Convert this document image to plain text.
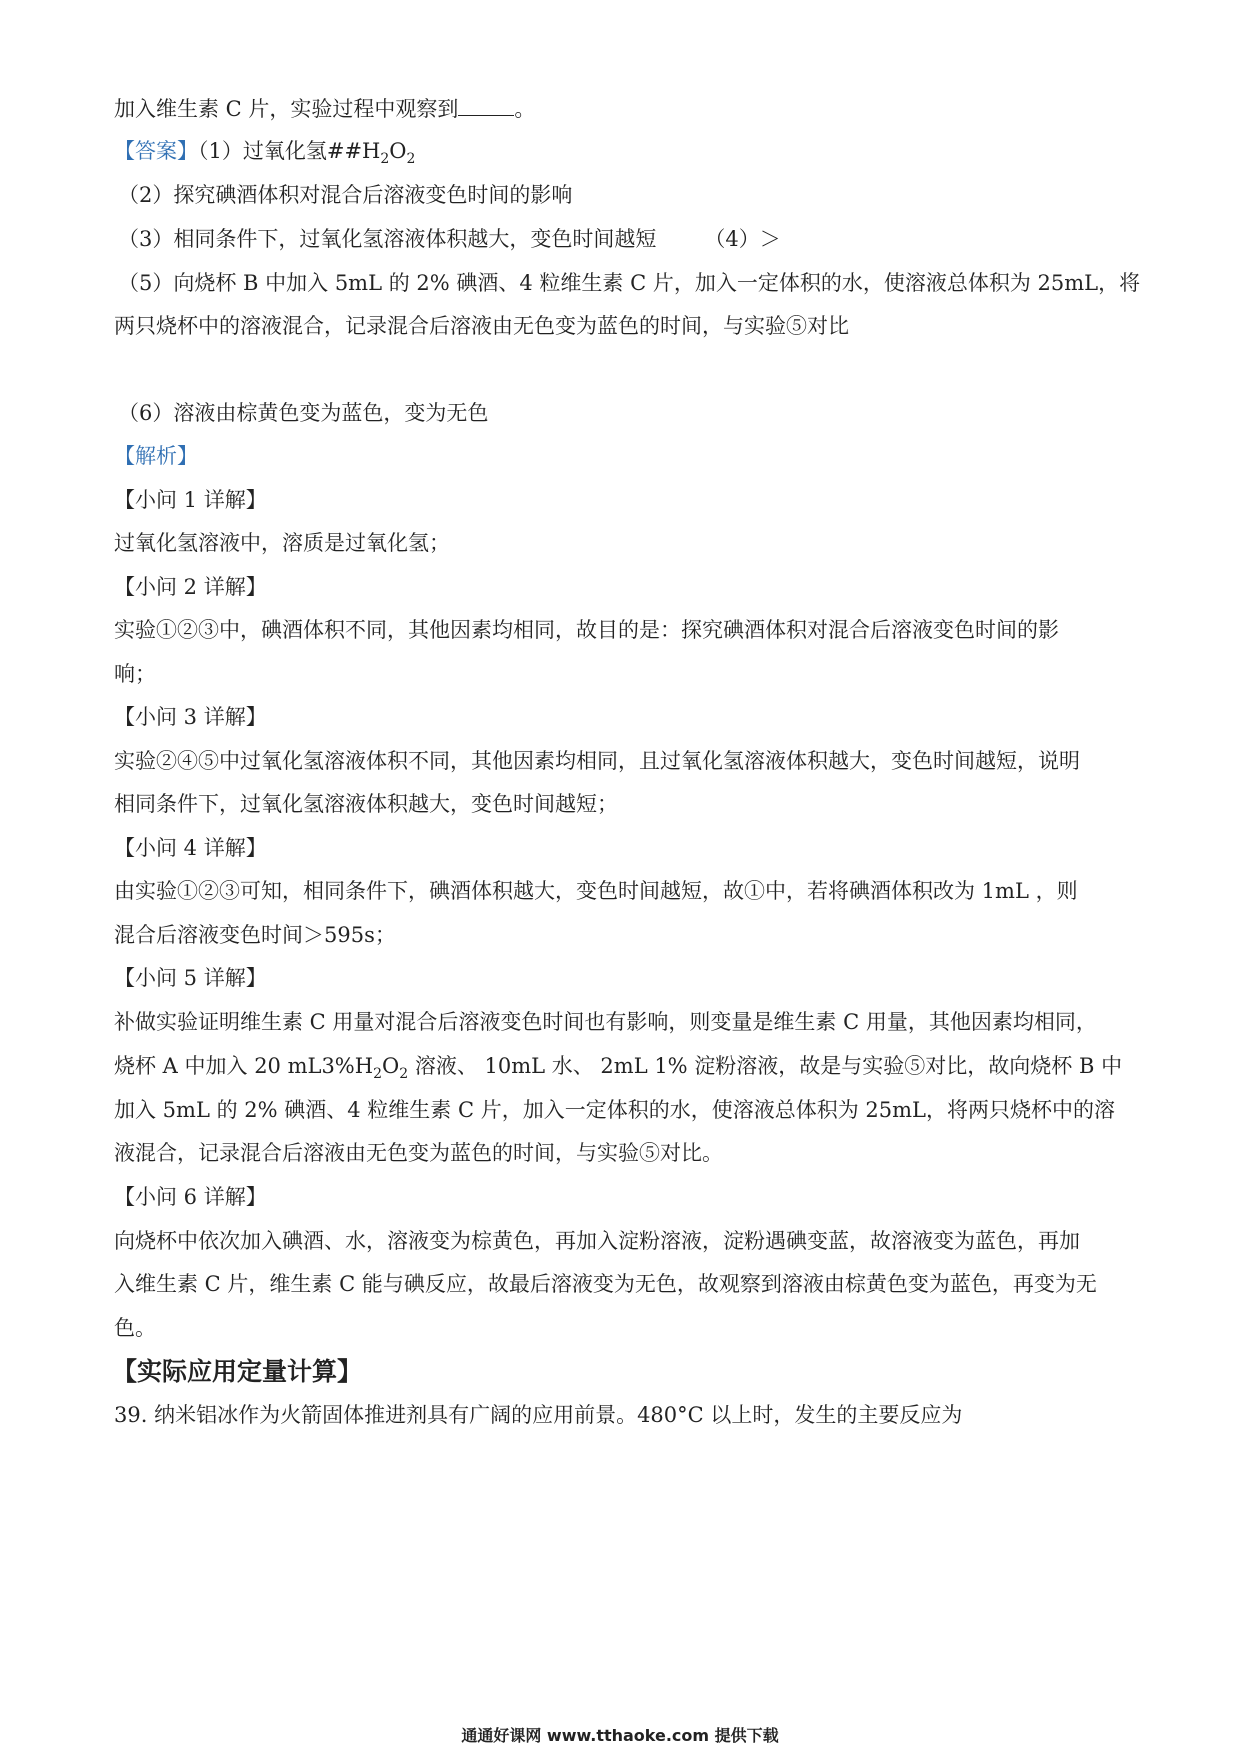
加入维生素 C 片，实验过程中观察到	。
【答案】（1）过氧化氢$\#\#H_2O_2$
（2）探究碘酒体积对混合后溶液变色时间的影响
（3）相同条件下，过氧化氢溶液体积越大，变色时间越短 （4）＞
（5）向烧杯 B 中加入 5mL 的 2% 碘酒、4 粒维生素 C 片，加入一定体积的水，使溶液总体积为 25mL，将
两只烧杯中的溶液混合，记录混合后溶液由无色变为蓝色的时间，与实验⑤对比
（6）溶液由棕黄色变为蓝色，变为无色
【解析】
【小问 1 详解】
过氧化氢溶液中，溶质是过氧化氢；
【小问 2 详解】
实验①②③中，碘酒体积不同，其他因素均相同，故目的是：探究碘酒体积对混合后溶液变色时间的影
响；
【小问 3 详解】
实验②④⑤中过氧化氢溶液体积不同，其他因素均相同，且过氧化氢溶液体积越大，变色时间越短，说明
相同条件下，过氧化氢溶液体积越大，变色时间越短；
【小问 4 详解】
由实验①②③可知，相同条件下，碘酒体积越大，变色时间越短，故①中，若将碘酒体积改为 1mL ，则
混合后溶液变色时间＞595s；
【小问 5 详解】
补做实验证明维生素 C 用量对混合后溶液变色时间也有影响，则变量是维生素 C 用量，其他因素均相同，
烧杯 A 中加入 20 $mL3\%H_2O_2$ 溶液、 10mL 水、 2mL 1% 淀粉溶液，故是与实验⑤对比，故向烧杯 B 中
加入 5mL 的 2% 碘酒、4 粒维生素 C 片，加入一定体积的水，使溶液总体积为 25mL，将两只烧杯中的溶
液混合，记录混合后溶液由无色变为蓝色的时间，与实验⑤对比。
【小问 6 详解】
向烧杯中依次加入碘酒、水，溶液变为棕黄色，再加入淀粉溶液，淀粉遇碘变蓝，故溶液变为蓝色，再加
入维生素 C 片，维生素 C 能与碘反应，故最后溶液变为无色，故观察到溶液由棕黄色变为蓝色，再变为无
色。
【实际应用定量计算】
39. 纳米铝冰作为火箭固体推进剂具有广阔的应用前景。480°C 以上时，发生的主要反应为
通通好课网 www.tthaoke.com 提供下载
